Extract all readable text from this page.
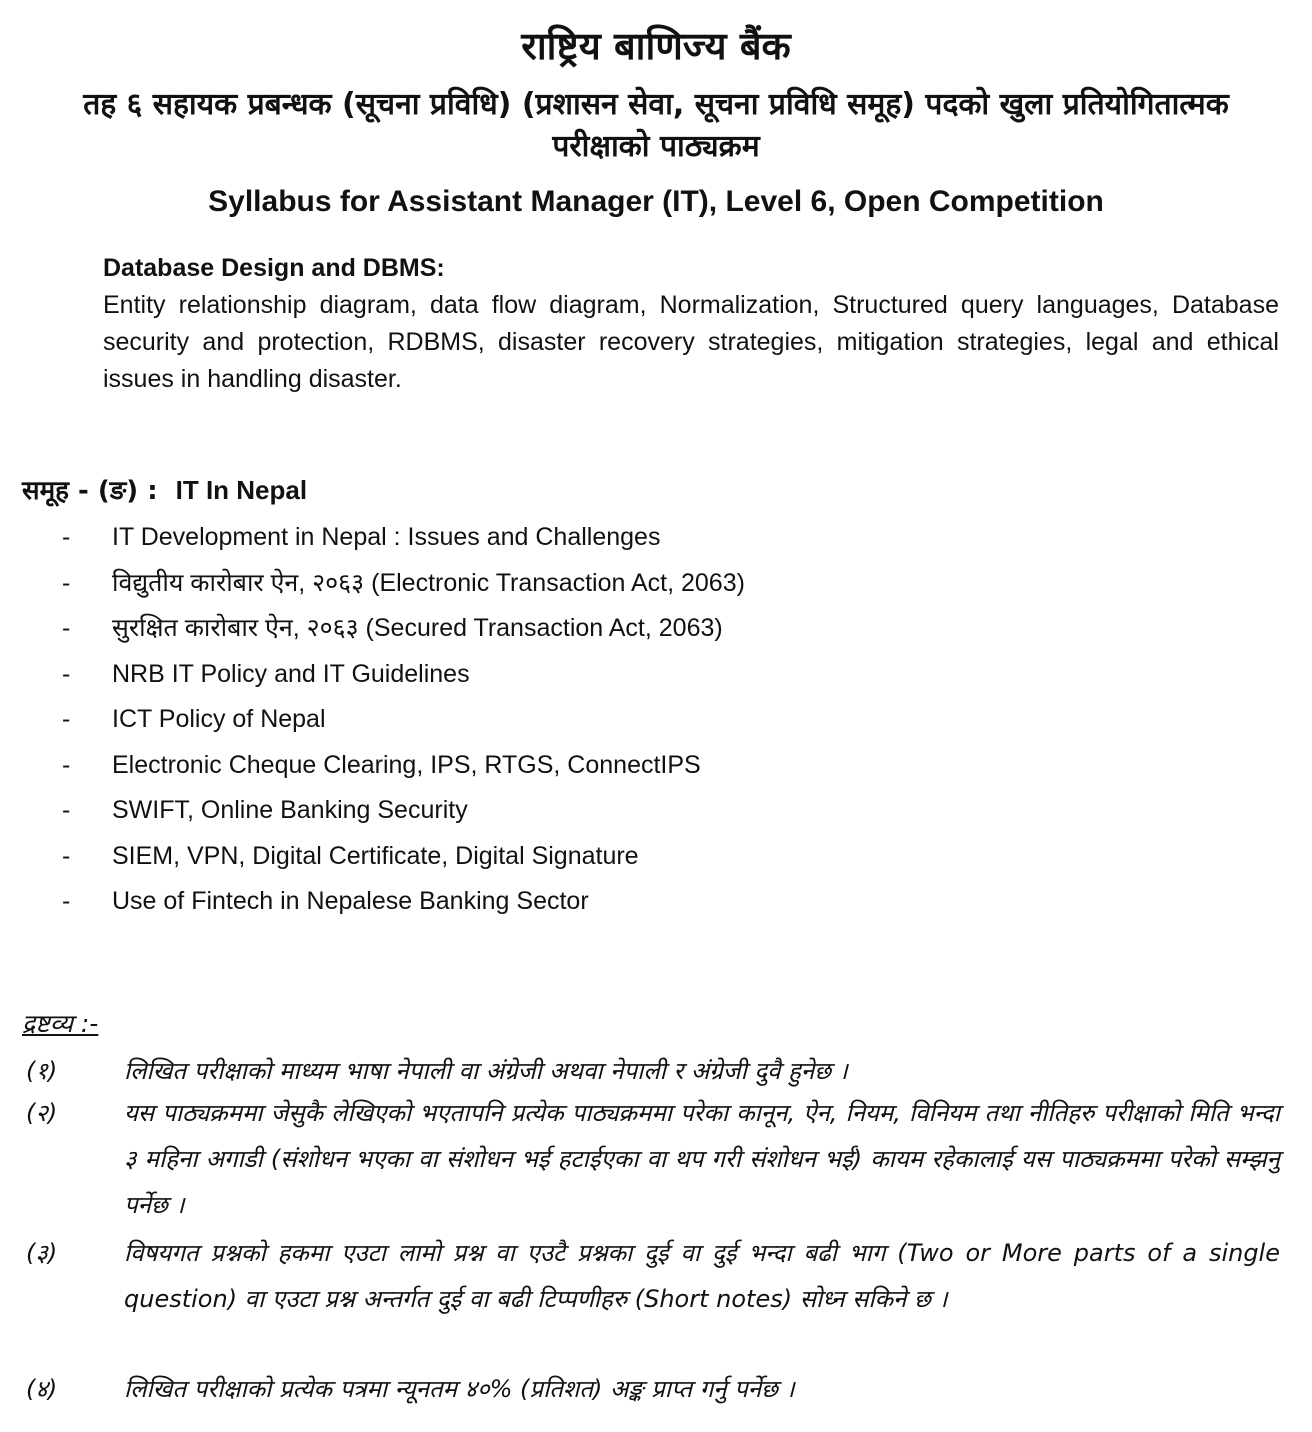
राष्ट्रिय बाणिज्य बैंक
तह ६ सहायक प्रबन्धक (सूचना प्रविधि) (प्रशासन सेवा, सूचना प्रविधि समूह) पदको खुला प्रतियोगितात्मक परीक्षाको पाठ्यक्रम
Syllabus for Assistant Manager (IT), Level 6, Open Competition
Database Design and DBMS:
Entity relationship diagram, data flow diagram, Normalization, Structured query languages, Database security and protection, RDBMS, disaster recovery strategies, mitigation strategies, legal and ethical issues in handling disaster.
समूह - (ङ) : IT In Nepal
- IT Development in Nepal : Issues and Challenges
- विद्युतीय कारोबार ऐन, २०६३ (Electronic Transaction Act, 2063)
- सुरक्षित कारोबार ऐन, २०६३ (Secured Transaction Act, 2063)
- NRB IT Policy and IT Guidelines
- ICT Policy of Nepal
- Electronic Cheque Clearing, IPS, RTGS, ConnectIPS
- SWIFT, Online Banking Security
- SIEM, VPN, Digital Certificate, Digital Signature
- Use of Fintech in Nepalese Banking Sector
द्रष्टव्य :-
(१)	लिखित परीक्षाको माध्यम भाषा नेपाली वा अंग्रेजी अथवा नेपाली र अंग्रेजी दुवै हुनेछ ।
(२)	यस पाठ्यक्रममा जेसुकै लेखिएको भएतापनि प्रत्येक पाठ्यक्रममा परेका कानून, ऐन, नियम, विनियम तथा नीतिहरु परीक्षाको मिति भन्दा ३ महिना अगाडी (संशोधन भएका वा संशोधन भई हटाईएका वा थप गरी संशोधन भई) कायम रहेकालाई यस पाठ्यक्रममा परेको सम्झनु पर्नेछ ।
(३)	विषयगत प्रश्नको हकमा एउटा लामो प्रश्न वा एउटै प्रश्नका दुई वा दुई भन्दा बढी भाग (Two or More parts of a single question) वा एउटा प्रश्न अन्तर्गत दुई वा बढी टिप्पणीहरु (Short notes) सोध्न सकिने छ ।
(४)	लिखित परीक्षाको प्रत्येक पत्रमा न्यूनतम ४०% (प्रतिशत) अङ्क प्राप्त गर्नु पर्नेछ ।
